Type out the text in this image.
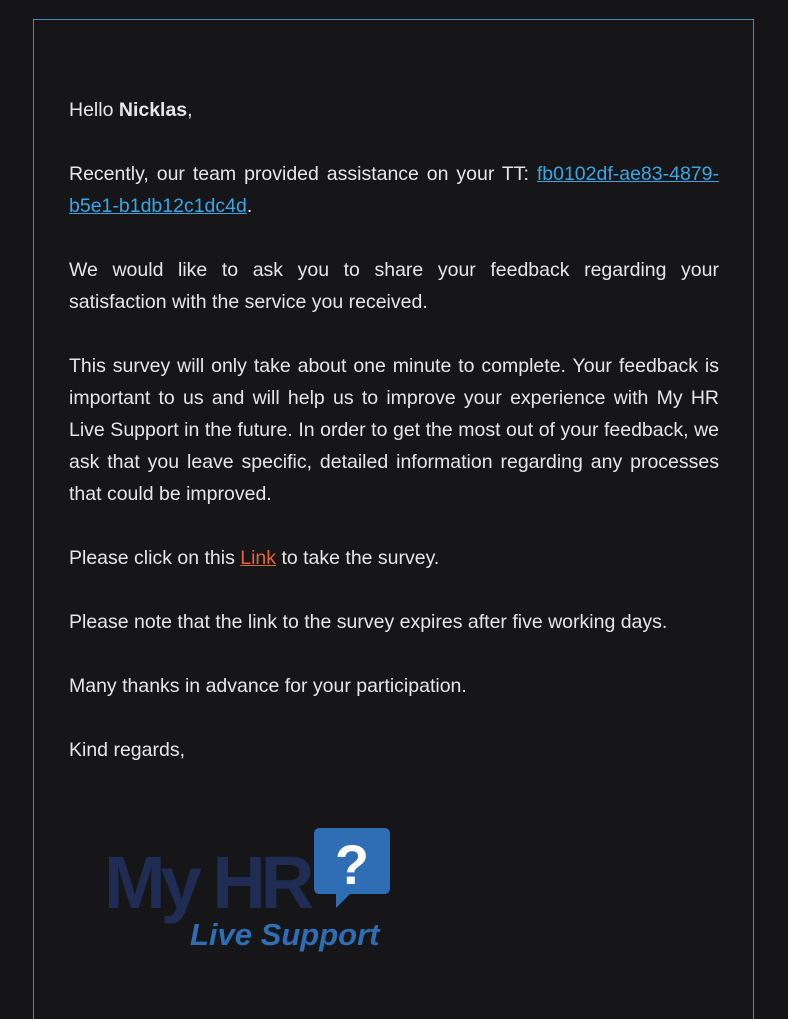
Hello Nicklas,

Recently, our team provided assistance on your TT: fb0102df-ae83-4879-b5e1-b1db12c1dc4d.

We would like to ask you to share your feedback regarding your satisfaction with the service you received.

This survey will only take about one minute to complete. Your feedback is important to us and will help us to improve your experience with My HR Live Support in the future. In order to get the most out of your feedback, we ask that you leave specific, detailed information regarding any processes that could be improved.

Please click on this Link to take the survey.

Please note that the link to the survey expires after five working days.

Many thanks in advance for your participation.

Kind regards,

My HR ?
Live Support
